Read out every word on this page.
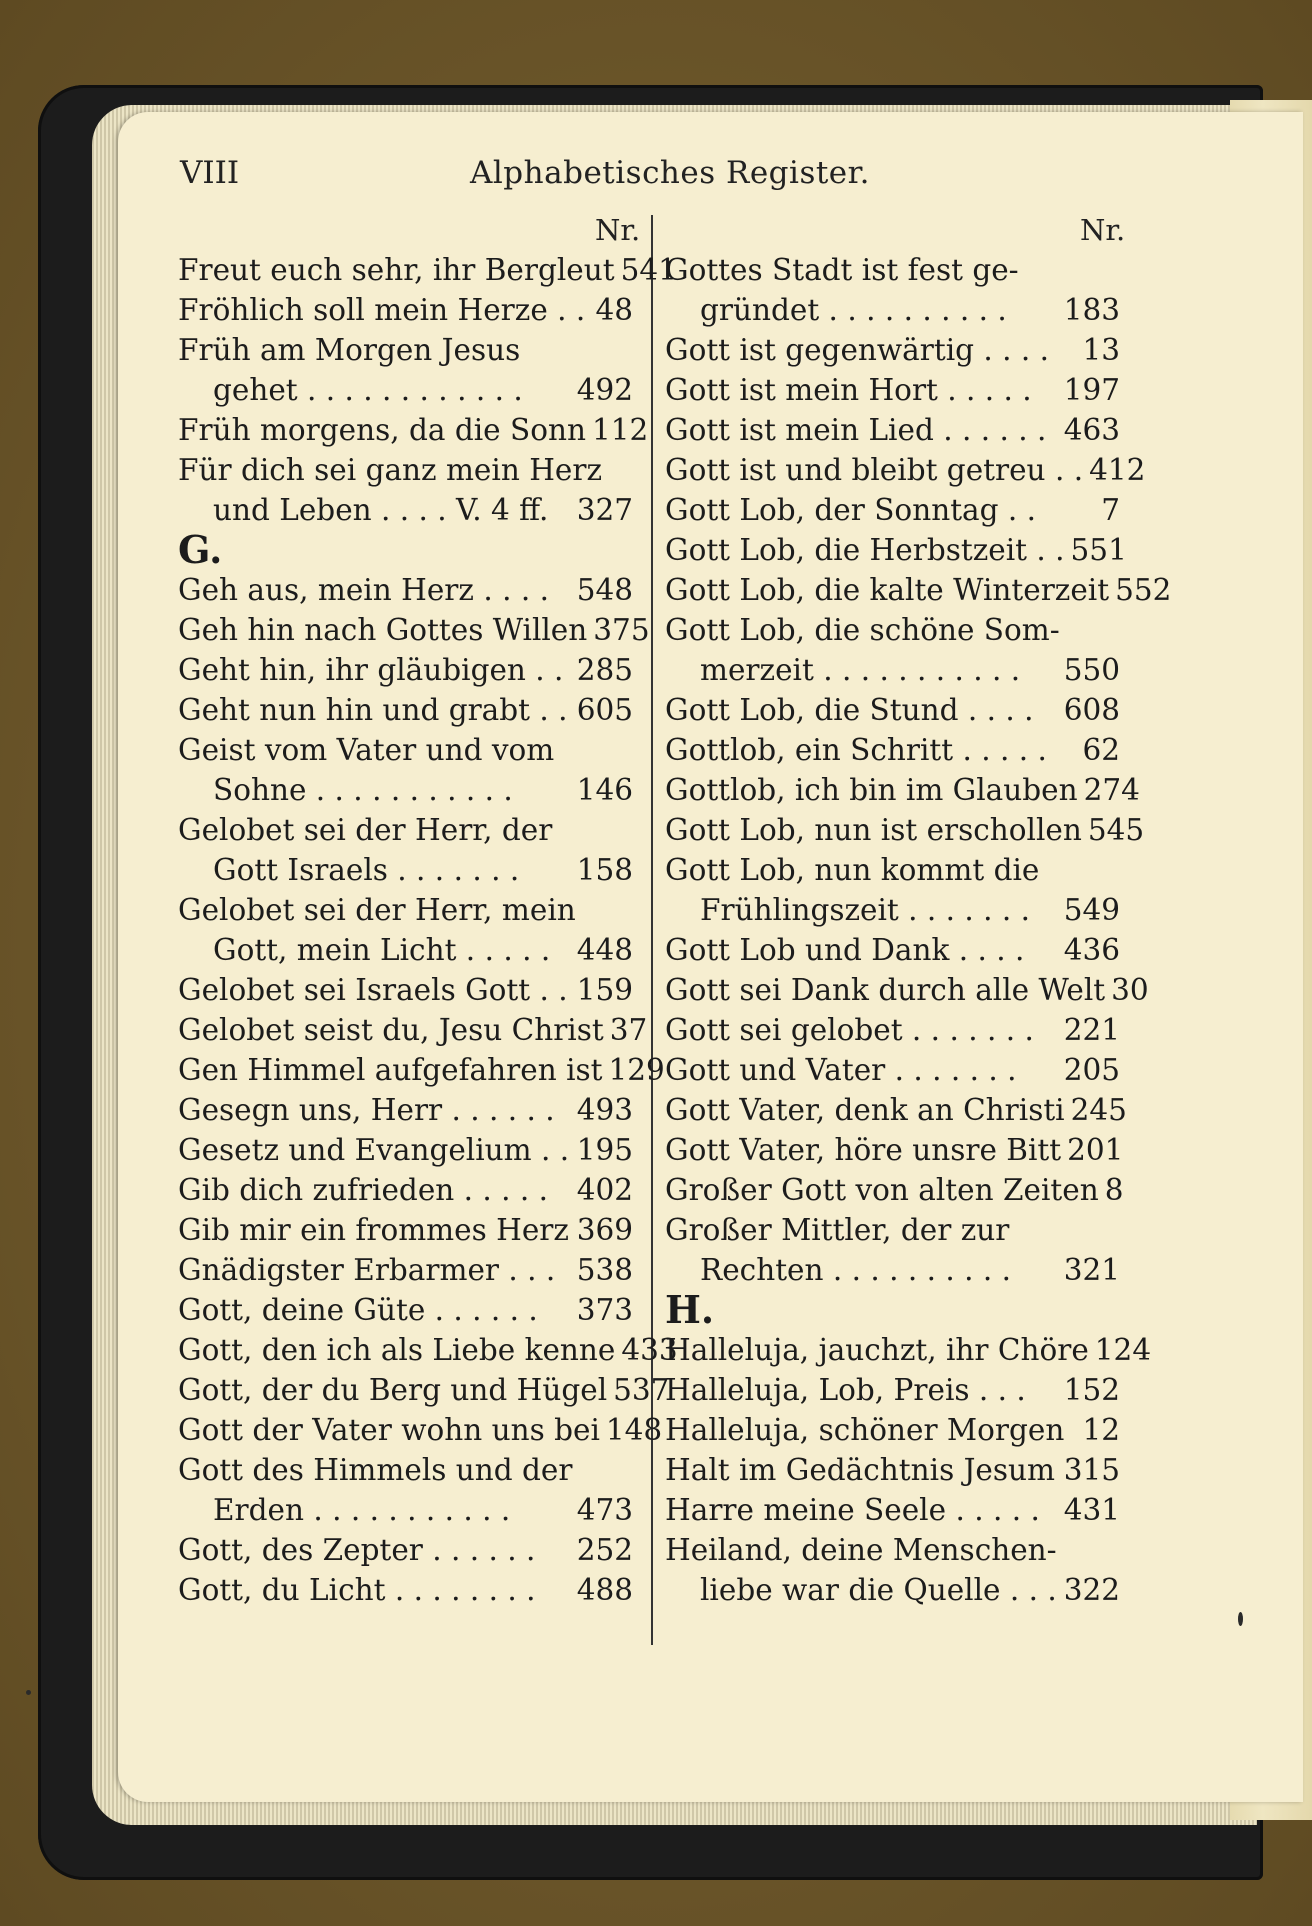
VIII	Alphabetisches Register.
Nr.	Nr.
Freut euch sehr, ihr Bergleut 541
Fröhlich soll mein Herze . . 48
Früh am Morgen Jesus
gehet . . . . . . . . . . . .	492
Früh morgens, da die Sonn 112
Für dich sei ganz mein Herz
und Leben . . . . V. 4 ff. 327
G.
Geh aus, mein Herz . . . . 548
Geh hin nach Gottes Willen 375
Geht hin, ihr gläubigen . . 285
Geht nun hin und grabt . . 605
Geist vom Vater und vom
Sohne . . . . . . . . . . .	146
Gelobet sei der Herr, der
Gott Israels . . . . . . .	158
Gelobet sei der Herr, mein
Gott, mein Licht . . . . . 448
Gelobet sei Israels Gott . . 159
Gelobet seist du, Jesu Christ 37
Gen Himmel aufgefahren ist 129
Gesegn uns, Herr . . . . . . 493
Gesetz und Evangelium . . 195
Gib dich zufrieden . . . . . 402
Gib mir ein frommes Herz 369
Gnädigster Erbarmer . . . 538
Gott, deine Güte . . . . . .	373
Gott, den ich als Liebe kenne 433
Gott, der du Berg und Hügel 537
Gott der Vater wohn uns bei 148
Gott des Himmels und der
Erden . . . . . . . . . . .	473
Gott, des Zepter . . . . . .	252
Gott, du Licht . . . . . . . .	488
Gottes Stadt ist fest ge-
gründet . . . . . . . . . .	183
Gott ist gegenwärtig . . . .	13
Gott ist mein Hort . . . . .	197
Gott ist mein Lied . . . . . . 463
Gott ist und bleibt getreu . . 412
Gott Lob, der Sonntag . .	7
Gott Lob, die Herbstzeit . . 551
Gott Lob, die kalte Winterzeit 552
Gott Lob, die schöne Som-
merzeit . . . . . . . . . . .	550
Gott Lob, die Stund . . . .	608
Gottlob, ein Schritt . . . . .	62
Gottlob, ich bin im Glauben 274
Gott Lob, nun ist erschollen 545
Gott Lob, nun kommt die
Frühlingszeit . . . . . . .	549
Gott Lob und Dank . . . .	436
Gott sei Dank durch alle Welt 30
Gott sei gelobet . . . . . . .	221
Gott und Vater . . . . . . .	205
Gott Vater, denk an Christi 245
Gott Vater, höre unsre Bitt 201
Großer Gott von alten Zeiten 8
Großer Mittler, der zur
Rechten . . . . . . . . . .	321
H.
Halleluja, jauchzt, ihr Chöre 124
Halleluja, Lob, Preis . . .	152
Halleluja, schöner Morgen 12
Halt im Gedächtnis Jesum 315
Harre meine Seele . . . . . 431
Heiland, deine Menschen-
liebe war die Quelle . . . 322
